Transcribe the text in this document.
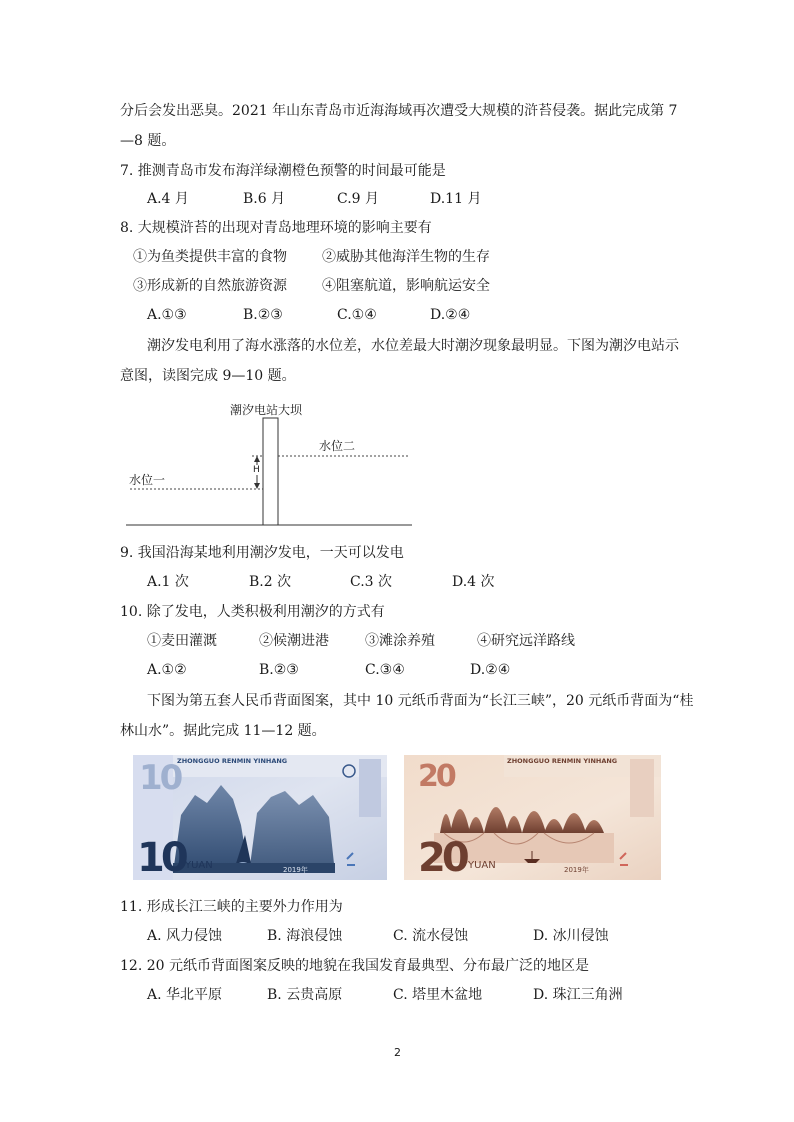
分后会发出恶臭。2021 年山东青岛市近海海域再次遭受大规模的浒苔侵袭。据此完成第 7
—8 题。
7. 推测青岛市发布海洋绿潮橙色预警的时间最可能是
A.4 月	B.6 月	C.9 月	D.11 月
8. 大规模浒苔的出现对青岛地理环境的影响主要有
①为鱼类提供丰富的食物	②威胁其他海洋生物的生存
③形成新的自然旅游资源	④阻塞航道，影响航运安全
A.①③	B.②③	C.①④	D.②④
潮汐发电利用了海水涨落的水位差，水位差最大时潮汐现象最明显。下图为潮汐电站示
意图，读图完成 9—10 题。
潮汐电站大坝
水位二
水位一
H
9. 我国沿海某地利用潮汐发电，一天可以发电
A.1 次	B.2 次	C.3 次	D.4 次
10. 除了发电，人类积极利用潮汐的方式有
①麦田灌溉	②候潮进港	③滩涂养殖	④研究远洋路线
A.①②	B.②③	C.③④	D.②④
下图为第五套人民币背面图案，其中 10 元纸币背面为“长江三峡”，20 元纸币背面为“桂
林山水”。据此完成 11—12 题。
ZHONGGUO RENMIN YINHANG
10
10 YUAN	2019年
ZHONGGUO RENMIN YINHANG
20
20 YUAN	2019年
11. 形成长江三峡的主要外力作用为
A. 风力侵蚀	B. 海浪侵蚀	C. 流水侵蚀	D. 冰川侵蚀
12. 20 元纸币背面图案反映的地貌在我国发育最典型、分布最广泛的地区是
A. 华北平原	B. 云贵高原	C. 塔里木盆地	D. 珠江三角洲
2
